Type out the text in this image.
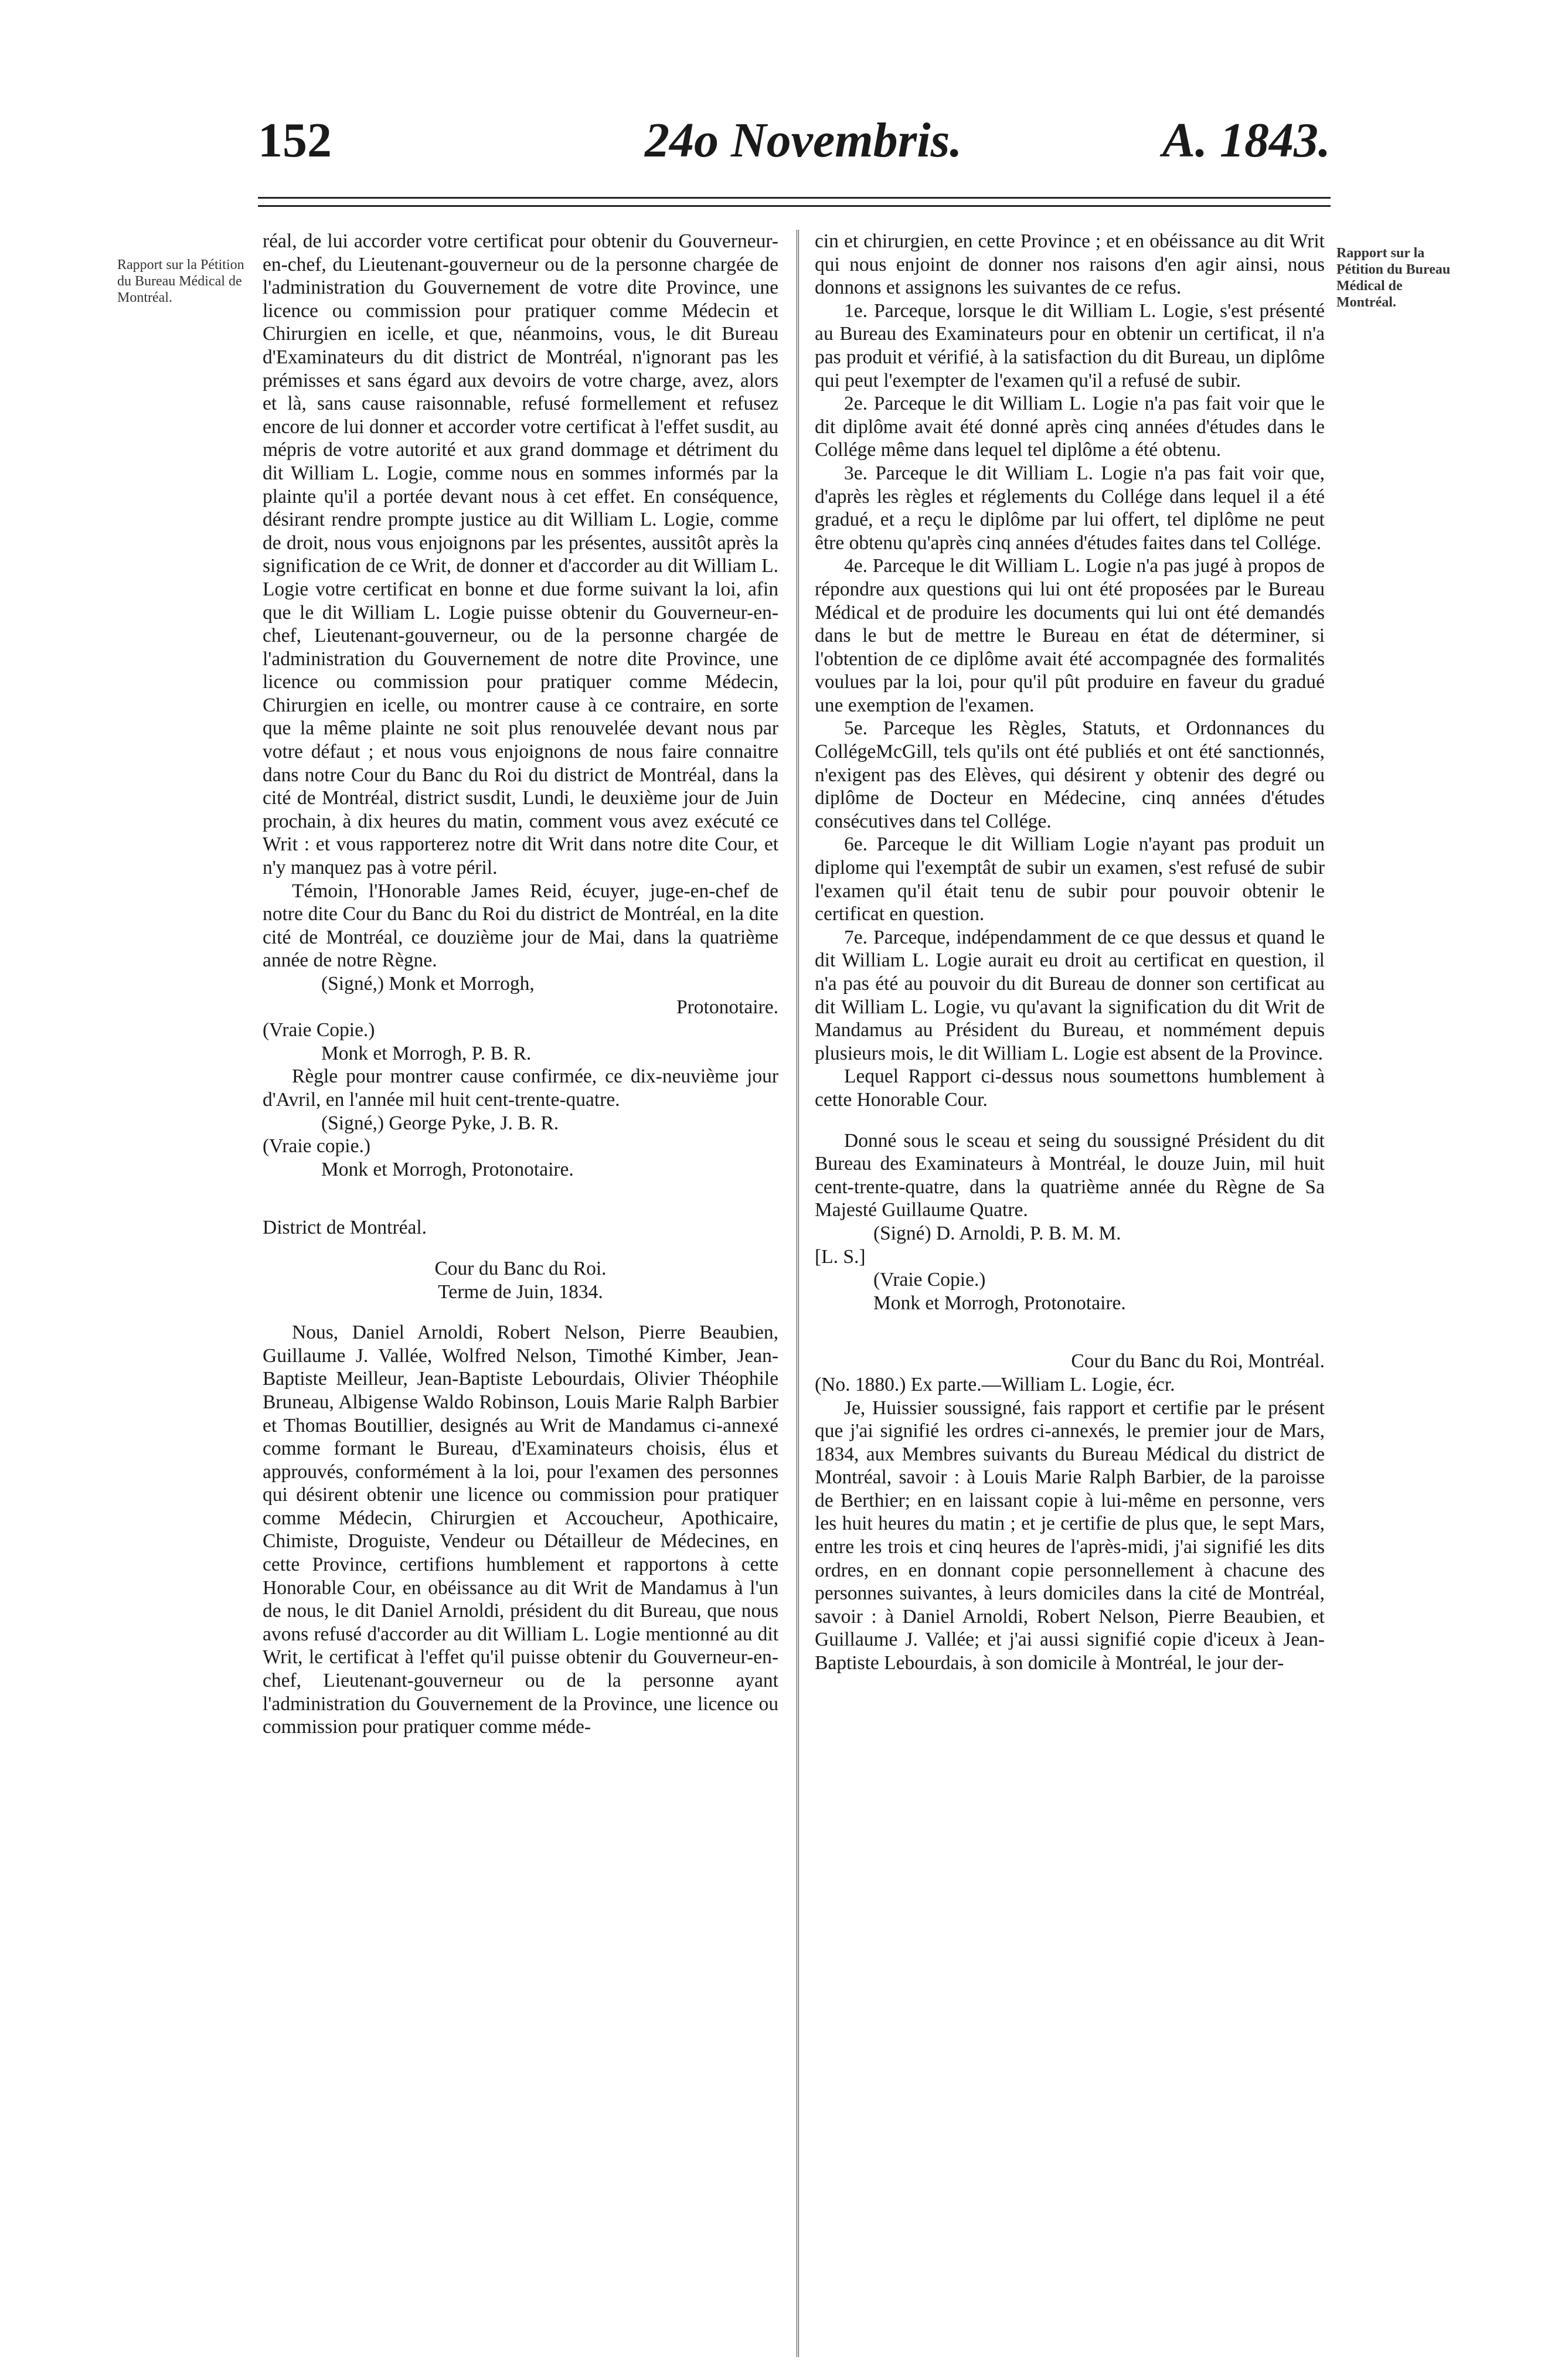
152	24o Novembris.	A. 1843.
Rapport sur la Pétition du Bureau Médical de Montréal.
Rapport sur la Pétition du Bureau Médical de Montréal.

réal, de lui accorder votre certificat pour obtenir du Gouverneur-en-chef, du Lieutenant-gouverneur ou de la personne chargée de l'administration du Gouvernement de votre dite Province, une licence ou commission pour pratiquer comme Médecin et Chirurgien en icelle, et que, néanmoins, vous, le dit Bureau d'Examinateurs du dit district de Montréal, n'ignorant pas les prémisses et sans égard aux devoirs de votre charge, avez, alors et là, sans cause raisonnable, refusé formellement et refusez encore de lui donner et accorder votre certificat à l'effet susdit, au mépris de votre autorité et aux grand dommage et détriment du dit William L. Logie, comme nous en sommes informés par la plainte qu'il a portée devant nous à cet effet. En conséquence, désirant rendre prompte justice au dit William L. Logie, comme de droit, nous vous enjoignons par les présentes, aussitôt après la signification de ce Writ, de donner et d'accorder au dit William L. Logie votre certificat en bonne et due forme suivant la loi, afin que le dit William L. Logie puisse obtenir du Gouverneur-en-chef, Lieutenant-gouverneur, ou de la personne chargée de l'administration du Gouvernement de notre dite Province, une licence ou commission pour pratiquer comme Médecin, Chirurgien en icelle, ou montrer cause à ce contraire, en sorte que la même plainte ne soit plus renouvelée devant nous par votre défaut ; et nous vous enjoignons de nous faire connaitre dans notre Cour du Banc du Roi du district de Montréal, dans la cité de Montréal, district susdit, Lundi, le deuxième jour de Juin prochain, à dix heures du matin, comment vous avez exécuté ce Writ : et vous rapporterez notre dit Writ dans notre dite Cour, et n'y manquez pas à votre péril.

Témoin, l'Honorable James Reid, écuyer, juge-en-chef de notre dite Cour du Banc du Roi du district de Montréal, en la dite cité de Montréal, ce douzième jour de Mai, dans la quatrième année de notre Règne.

(Signé,) Monk et Morrogh,

Protonotaire.

(Vraie Copie.)

Monk et Morrogh, P. B. R.

Règle pour montrer cause confirmée, ce dix-neuvième jour d'Avril, en l'année mil huit cent-trente-quatre.

(Signé,) George Pyke, J. B. R.

(Vraie copie.)

Monk et Morrogh, Protonotaire.

District de Montréal.

Cour du Banc du Roi.

Terme de Juin, 1834.

Nous, Daniel Arnoldi, Robert Nelson, Pierre Beaubien, Guillaume J. Vallée, Wolfred Nelson, Timothé Kimber, Jean-Baptiste Meilleur, Jean-Baptiste Lebourdais, Olivier Théophile Bruneau, Albigense Waldo Robinson, Louis Marie Ralph Barbier et Thomas Boutillier, designés au Writ de Mandamus ci-annexé comme formant le Bureau, d'Examinateurs choisis, élus et approuvés, conformément à la loi, pour l'examen des personnes qui désirent obtenir une licence ou commission pour pratiquer comme Médecin, Chirurgien et Accoucheur, Apothicaire, Chimiste, Droguiste, Vendeur ou Détailleur de Médecines, en cette Province, certifions humblement et rapportons à cette Honorable Cour, en obéissance au dit Writ de Mandamus à l'un de nous, le dit Daniel Arnoldi, président du dit Bureau, que nous avons refusé d'accorder au dit William L. Logie mentionné au dit Writ, le certificat à l'effet qu'il puisse obtenir du Gouverneur-en-chef, Lieutenant-gouverneur ou de la personne ayant l'administration du Gouvernement de la Province, une licence ou commission pour pratiquer comme méde-

cin et chirurgien, en cette Province ; et en obéissance au dit Writ qui nous enjoint de donner nos raisons d'en agir ainsi, nous donnons et assignons les suivantes de ce refus.

1e. Parceque, lorsque le dit William L. Logie, s'est présenté au Bureau des Examinateurs pour en obtenir un certificat, il n'a pas produit et vérifié, à la satisfaction du dit Bureau, un diplôme qui peut l'exempter de l'examen qu'il a refusé de subir.

2e. Parceque le dit William L. Logie n'a pas fait voir que le dit diplôme avait été donné après cinq années d'études dans le Collége même dans lequel tel diplôme a été obtenu.

3e. Parceque le dit William L. Logie n'a pas fait voir que, d'après les règles et réglements du Collége dans lequel il a été gradué, et a reçu le diplôme par lui offert, tel diplôme ne peut être obtenu qu'après cinq années d'études faites dans tel Collége.

4e. Parceque le dit William L. Logie n'a pas jugé à propos de répondre aux questions qui lui ont été proposées par le Bureau Médical et de produire les documents qui lui ont été demandés dans le but de mettre le Bureau en état de déterminer, si l'obtention de ce diplôme avait été accompagnée des formalités voulues par la loi, pour qu'il pût produire en faveur du gradué une exemption de l'examen.

5e. Parceque les Règles, Statuts, et Ordonnances du CollégeMcGill, tels qu'ils ont été publiés et ont été sanctionnés, n'exigent pas des Elèves, qui désirent y obtenir des degré ou diplôme de Docteur en Médecine, cinq années d'études consécutives dans tel Collége.

6e. Parceque le dit William Logie n'ayant pas produit un diplome qui l'exemptât de subir un examen, s'est refusé de subir l'examen qu'il était tenu de subir pour pouvoir obtenir le certificat en question.

7e. Parceque, indépendamment de ce que dessus et quand le dit William L. Logie aurait eu droit au certificat en question, il n'a pas été au pouvoir du dit Bureau de donner son certificat au dit William L. Logie, vu qu'avant la signification du dit Writ de Mandamus au Président du Bureau, et nommément depuis plusieurs mois, le dit William L. Logie est absent de la Province.

Lequel Rapport ci-dessus nous soumettons humblement à cette Honorable Cour.

Donné sous le sceau et seing du soussigné Président du dit Bureau des Examinateurs à Montréal, le douze Juin, mil huit cent-trente-quatre, dans la quatrième année du Règne de Sa Majesté Guillaume Quatre.

(Signé) D. Arnoldi, P. B. M. M.

[L. S.]

(Vraie Copie.)

Monk et Morrogh, Protonotaire.

Cour du Banc du Roi, Montréal.

(No. 1880.) Ex parte.—William L. Logie, écr.

Je, Huissier soussigné, fais rapport et certifie par le présent que j'ai signifié les ordres ci-annexés, le premier jour de Mars, 1834, aux Membres suivants du Bureau Médical du district de Montréal, savoir : à Louis Marie Ralph Barbier, de la paroisse de Berthier; en en laissant copie à lui-même en personne, vers les huit heures du matin ; et je certifie de plus que, le sept Mars, entre les trois et cinq heures de l'après-midi, j'ai signifié les dits ordres, en en donnant copie personnellement à chacune des personnes suivantes, à leurs domiciles dans la cité de Montréal, savoir : à Daniel Arnoldi, Robert Nelson, Pierre Beaubien, et Guillaume J. Vallée; et j'ai aussi signifié copie d'iceux à Jean-Baptiste Lebourdais, à son domicile à Montréal, le jour der-
